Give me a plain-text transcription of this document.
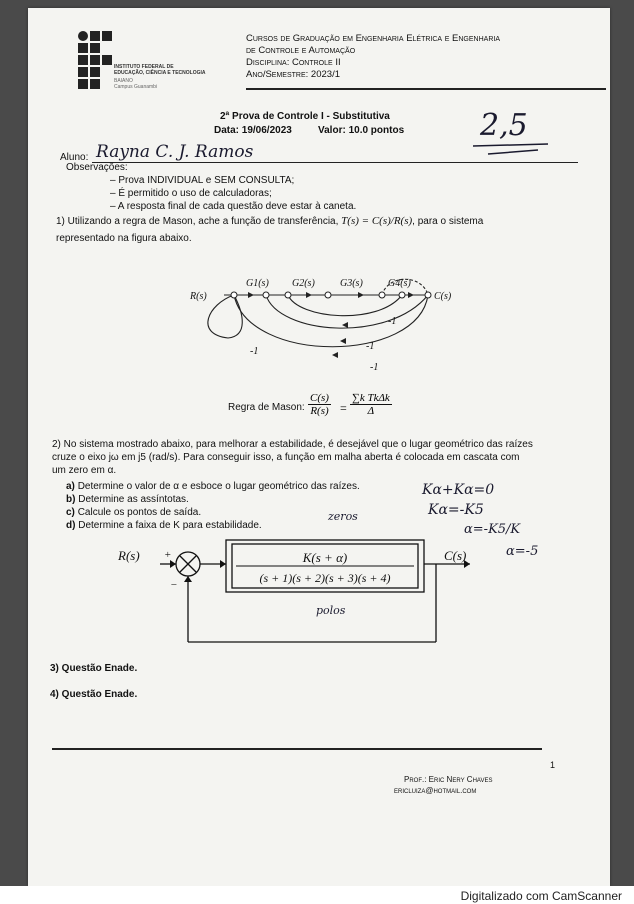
INSTITUTO FEDERAL DE
EDUCAÇÃO, CIÊNCIA E TECNOLOGIA
BAIANO
Campus Guanambi
Cursos de Graduação em Engenharia Elétrica e Engenharia
de Controle e Automação
Disciplina: Controle II
Ano/Semestre: 2023/1
2ª Prova de Controle I - Substitutiva
Data: 19/06/2023	Valor: 10.0 pontos	2,5
Aluno: Rayna C. J. Ramos
Observações:
– Prova INDIVIDUAL e SEM CONSULTA;
– É permitido o uso de calculadoras;
– A resposta final de cada questão deve estar à caneta.
1) Utilizando a regra de Mason, ache a função de transferência, T(s) = C(s)/R(s), para o sistema
representado na figura abaixo.
R(s)	C(s)
G1(s) G2(s)	G3(s)	G4(s)
-1
-1
-1
-1
Regra de Mason: $\frac{C(s)}{R(s)}$ =
∑k TkΔk
Δ
2) No sistema mostrado abaixo, para melhorar a estabilidade, é desejável que o lugar geométrico das raízes
cruze o eixo jω em j5 (rad/s). Para conseguir isso, a função em malha aberta é colocada em cascata com
um zero em α.
a) Determine o valor de α e esboce o lugar geométrico das raízes.
b) Determine as assíntotas.
c) Calcule os pontos de saída.
d) Determine a faixa de K para estabilidade.
zeros
Kα+Kα=0
Kα=-K5
α=-K5/K
α=-5
polos
R(s) +
−
K(s + α)
(s + 1)(s + 2)(s + 3)(s + 4)
C(s)
3) Questão Enade.
4) Questão Enade.
1
Prof.: Eric Nery Chaves
ericluiza@hotmail.com
Digitalizado com CamScanner
